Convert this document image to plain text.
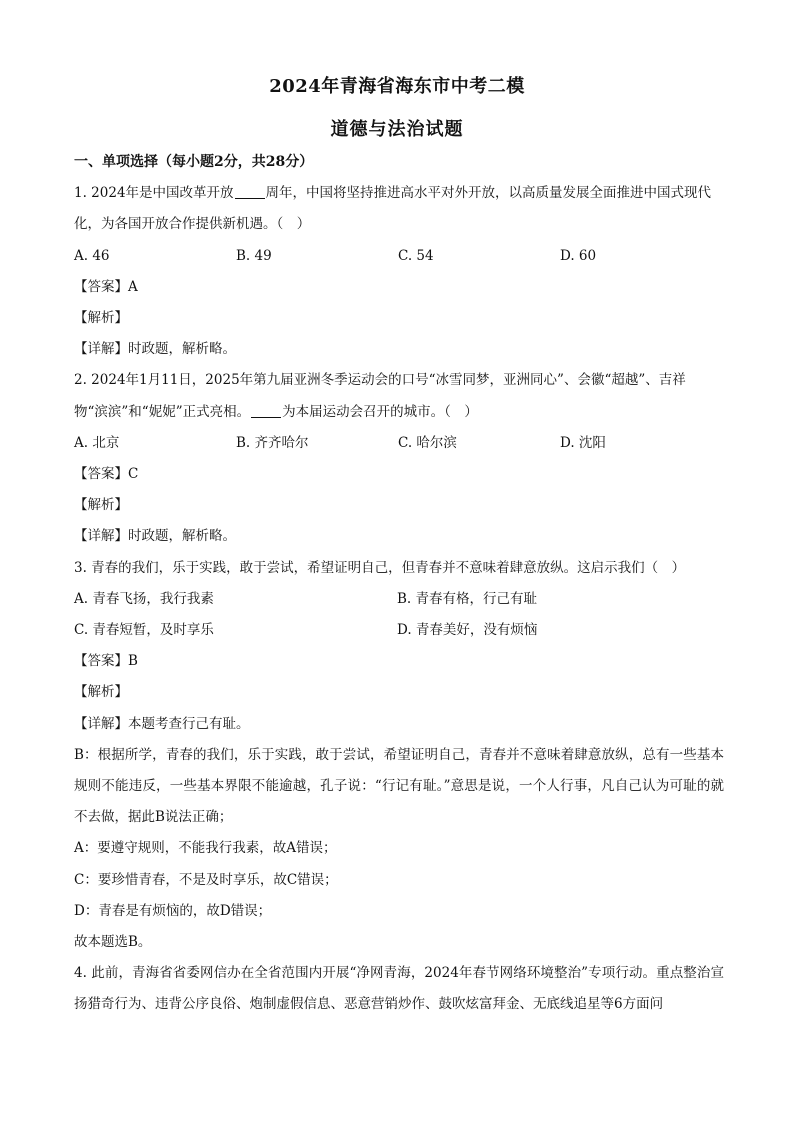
2024年青海省海东市中考二模
道德与法治试题
一、单项选择（每小题2分，共28分）
1. 2024年是中国改革开放 周年，中国将坚持推进高水平对外开放，以高质量发展全面推进中国式现代
化，为各国开放合作提供新机遇。（　）
A. 46	B. 49	C. 54	D. 60
【答案】A
【解析】
【详解】时政题，解析略。
2. 2024年1月11日，2025年第九届亚洲冬季运动会的口号“冰雪同梦，亚洲同心”、会徽“超越”、吉祥
物“滨滨”和“妮妮”正式亮相。 为本届运动会召开的城市。（　）
A. 北京	B. 齐齐哈尔	C. 哈尔滨	D. 沈阳
【答案】C
【解析】
【详解】时政题，解析略。
3. 青春的我们，乐于实践，敢于尝试，希望证明自己，但青春并不意味着肆意放纵。这启示我们（　）
A. 青春飞扬，我行我素	B. 青春有格，行己有耻
C. 青春短暂，及时享乐	D. 青春美好，没有烦恼
【答案】B
【解析】
【详解】本题考查行己有耻。
B：根据所学，青春的我们，乐于实践，敢于尝试，希望证明自己，青春并不意味着肆意放纵，总有一些基本规则不能违反，一些基本界限不能逾越，孔子说：“行记有耻。”意思是说，一个人行事，凡自己认为可耻的就不去做，据此B说法正确；
A：要遵守规则，不能我行我素，故A错误；
C：要珍惜青春，不是及时享乐，故C错误；
D：青春是有烦恼的，故D错误；
故本题选B。
4. 此前，青海省省委网信办在全省范围内开展“净网青海，2024年春节网络环境整治”专项行动。重点整治宣扬猎奇行为、违背公序良俗、炮制虚假信息、恶意营销炒作、鼓吹炫富拜金、无底线追星等6方面问
